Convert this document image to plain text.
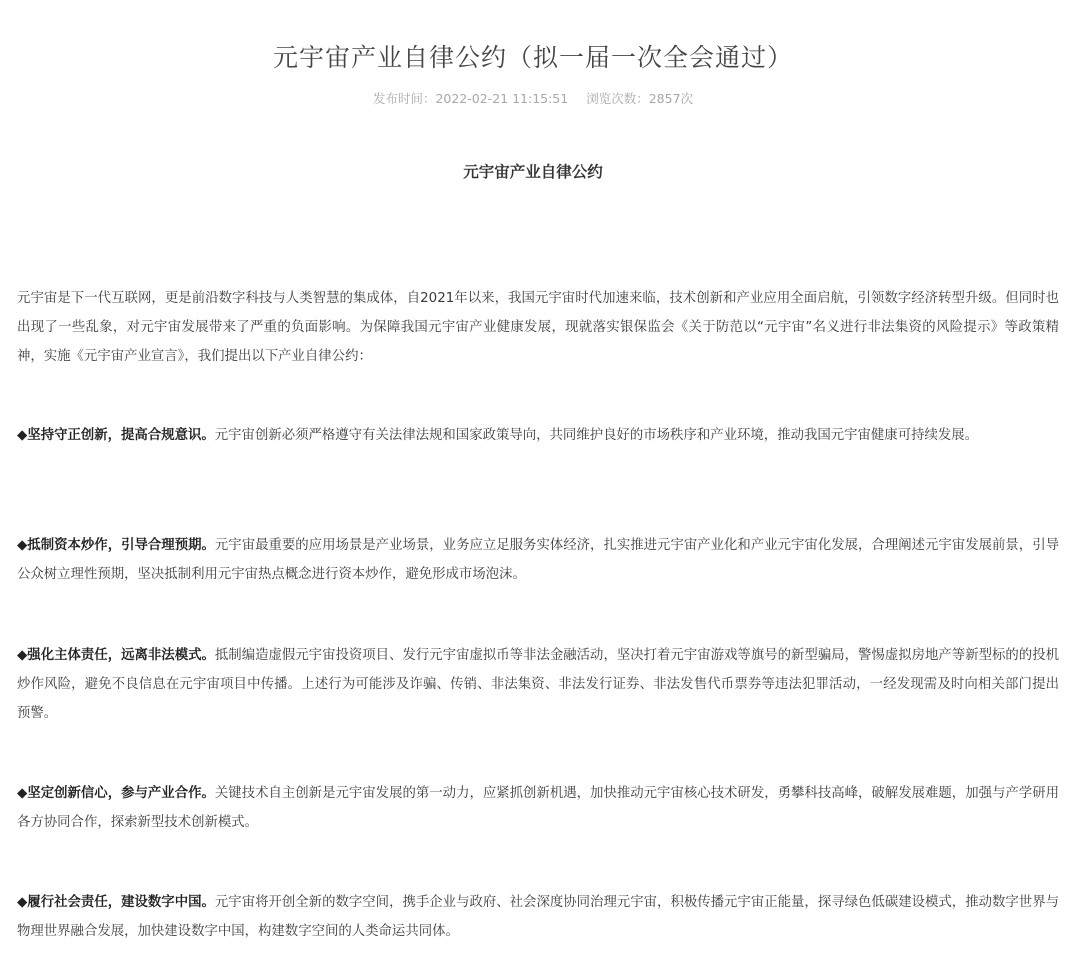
元宇宙产业自律公约（拟一届一次全会通过）
发布时间：2022-02-21 11:15:51 浏览次数：2857次
元宇宙产业自律公约

元宇宙是下一代互联网，更是前沿数字科技与人类智慧的集成体，自2021年以来，我国元宇宙时代加速来临，技术创新和产业应用全面启航，引领数字经济转型升级。但同时也出现了一些乱象，对元宇宙发展带来了严重的负面影响。为保障我国元宇宙产业健康发展，现就落实银保监会《关于防范以“元宇宙”名义进行非法集资的风险提示》等政策精神，实施《元宇宙产业宣言》，我们提出以下产业自律公约：

◆坚持守正创新，提高合规意识。元宇宙创新必须严格遵守有关法律法规和国家政策导向，共同维护良好的市场秩序和产业环境，推动我国元宇宙健康可持续发展。

◆抵制资本炒作，引导合理预期。元宇宙最重要的应用场景是产业场景，业务应立足服务实体经济，扎实推进元宇宙产业化和产业元宇宙化发展，合理阐述元宇宙发展前景，引导公众树立理性预期，坚决抵制利用元宇宙热点概念进行资本炒作，避免形成市场泡沫。

◆强化主体责任，远离非法模式。抵制编造虚假元宇宙投资项目、发行元宇宙虚拟币等非法金融活动，坚决打着元宇宙游戏等旗号的新型骗局，警惕虚拟房地产等新型标的的投机炒作风险，避免不良信息在元宇宙项目中传播。上述行为可能涉及诈骗、传销、非法集资、非法发行证券、非法发售代币票券等违法犯罪活动，一经发现需及时向相关部门提出预警。

◆坚定创新信心，参与产业合作。关键技术自主创新是元宇宙发展的第一动力，应紧抓创新机遇，加快推动元宇宙核心技术研发，勇攀科技高峰，破解发展难题，加强与产学研用各方协同合作，探索新型技术创新模式。

◆履行社会责任，建设数字中国。元宇宙将开创全新的数字空间，携手企业与政府、社会深度协同治理元宇宙，积极传播元宇宙正能量，探寻绿色低碳建设模式，推动数字世界与物理世界融合发展，加快建设数字中国，构建数字空间的人类命运共同体。
